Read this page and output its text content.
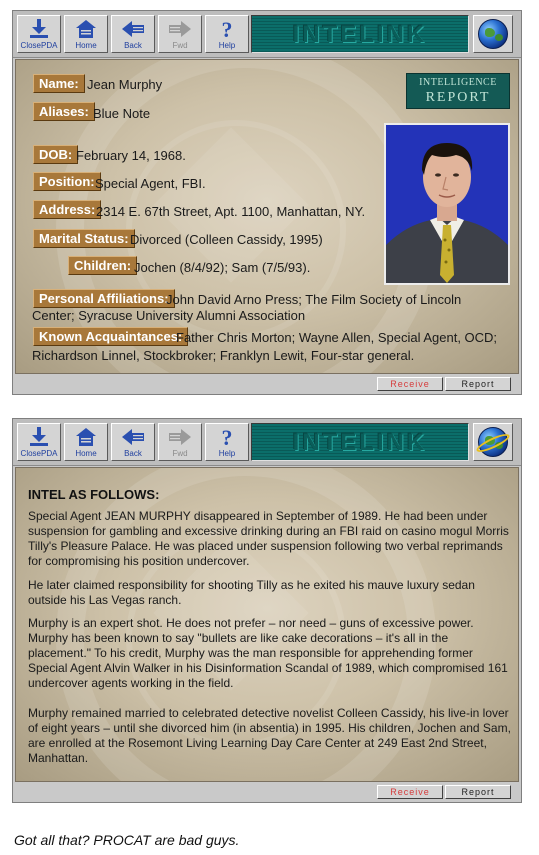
ClosePDA	Home	Back	Fwd
?
Help	INTELINK
INTELLIGENCE
REPORT
Name: Jean Murphy
Aliases: Blue Note
DOB: February 14, 1968.
Position: Special Agent, FBI.
Address: 2314 E. 67th Street, Apt. 1100, Manhattan, NY.
Marital Status: Divorced (Colleen Cassidy, 1995)
Children: Jochen (8/4/92); Sam (7/5/93).
Personal Affiliations:
John David Arno Press; The Film Society of Lincoln
Center; Syracuse University Alumni Association
Known Acquaintances:
Father Chris Morton; Wayne Allen, Special Agent, OCD;
Richardson Linnel, Stockbroker; Franklyn Lewit, Four-star general.
Receive	Report
ClosePDA	Home	Back	Fwd
?
Help	INTELINK
INTEL AS FOLLOWS:
Special Agent JEAN MURPHY disappeared in September of 1989. He had been under suspension for gambling and excessive drinking during an FBI raid on casino mogul Morris Tilly's Pleasure Palace. He was placed under suspension following two verbal reprimands for compromising his position undercover.
He later claimed responsibility for shooting Tilly as he exited his mauve luxury sedan outside his Las Vegas ranch.
Murphy is an expert shot. He does not prefer – nor need – guns of excessive power. Murphy has been known to say "bullets are like cake decorations – it's all in the placement." To his credit, Murphy was the man responsible for apprehending former Special Agent Alvin Walker in his Disinformation Scandal of 1989, which compromised 161 undercover agents working in the field.
Murphy remained married to celebrated detective novelist Colleen Cassidy, his live-in lover of eight years – until she divorced him (in absentia) in 1995. His children, Jochen and Sam, are enrolled at the Rosemont Living Learning Day Care Center at 249 East 2nd Street, Manhattan.
Receive	Report
Got all that? PROCAT are bad guys.
